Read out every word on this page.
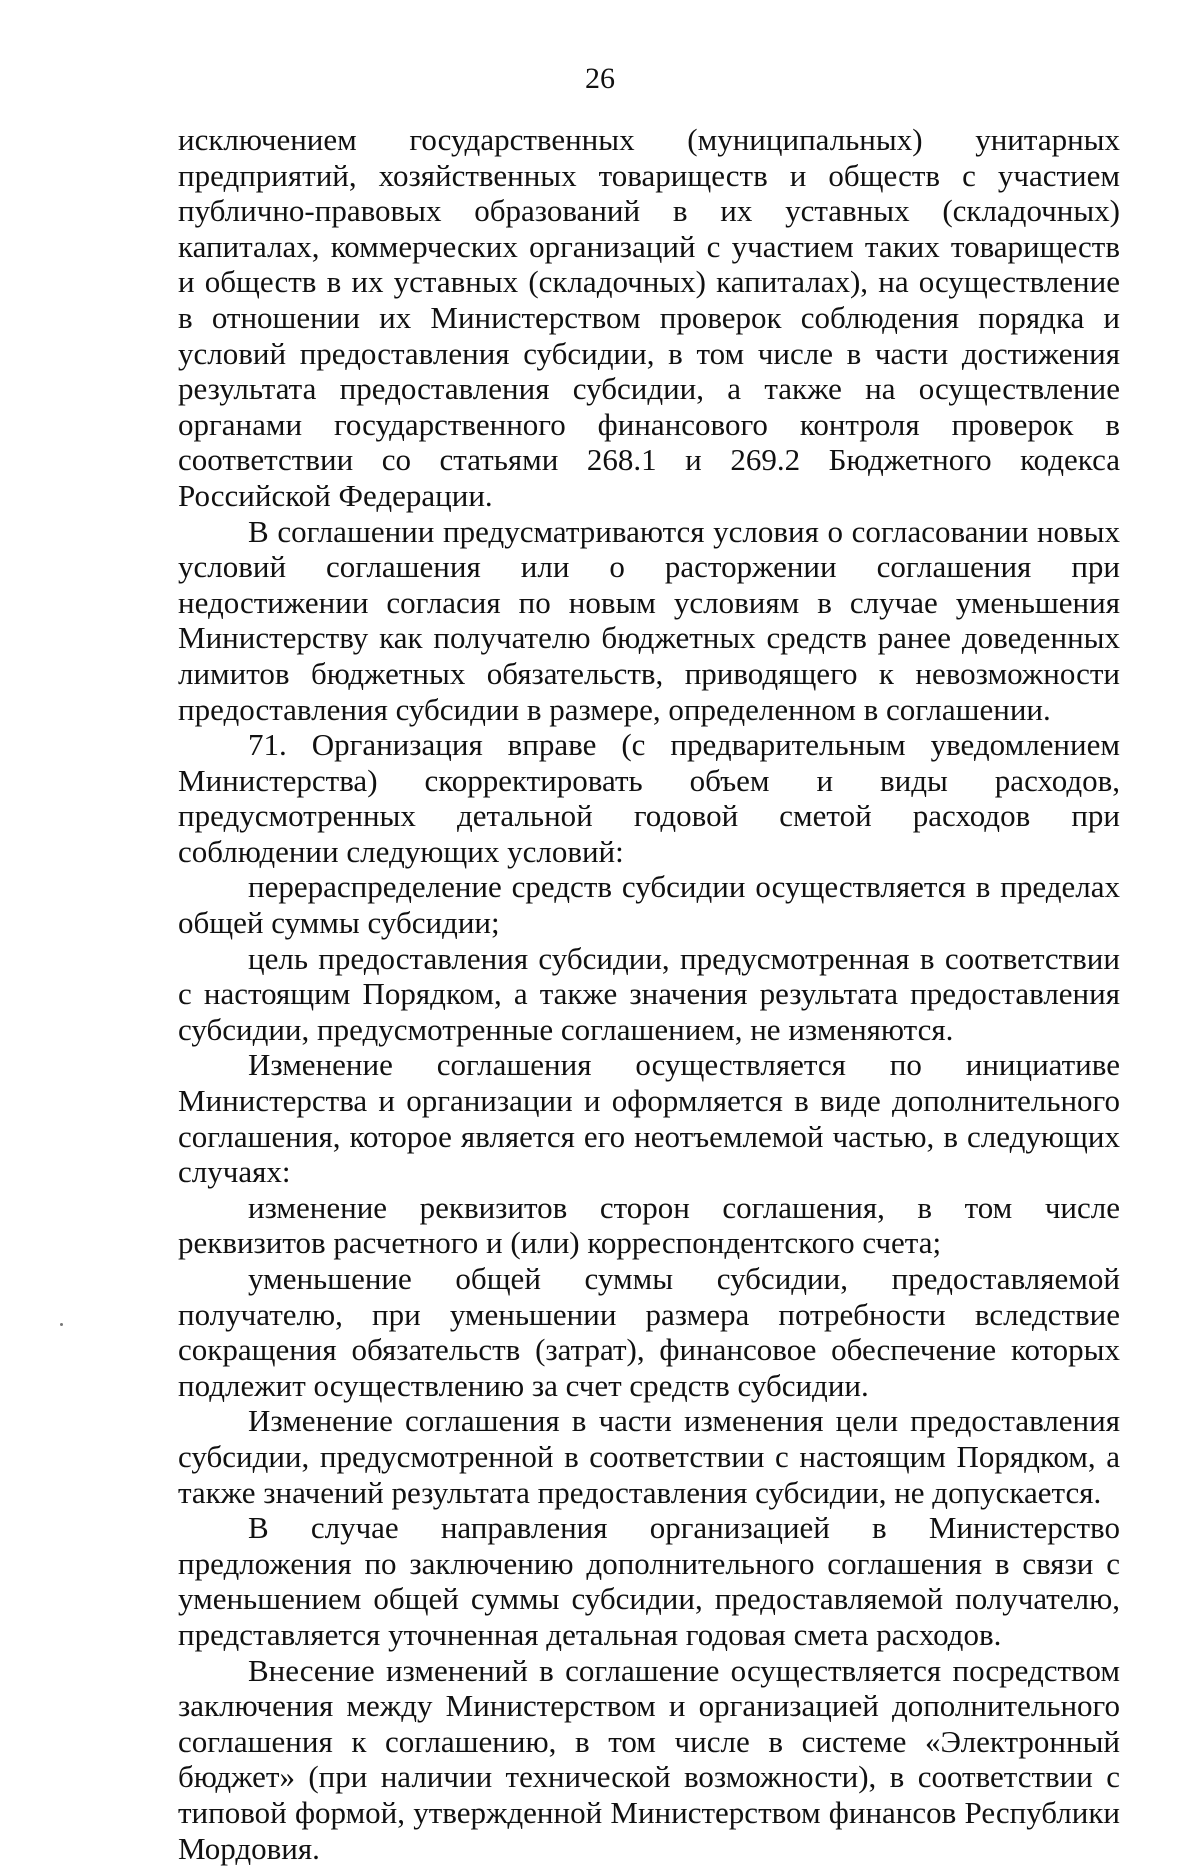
26

исключением государственных (муниципальных) унитарных предприятий, хозяйственных товариществ и обществ с участием публично-правовых образований в их уставных (складочных) капиталах, коммерческих организаций с участием таких товариществ и обществ в их уставных (складочных) капиталах), на осуществление в отношении их Министерством проверок соблюдения порядка и условий предоставления субсидии, в том числе в части достижения результата предоставления субсидии, а также на осуществление органами государственного финансового контроля проверок в соответствии со статьями 268.1 и 269.2 Бюджетного кодекса Российской Федерации.

В соглашении предусматриваются условия о согласовании новых условий соглашения или о расторжении соглашения при недостижении согласия по новым условиям в случае уменьшения Министерству как получателю бюджетных средств ранее доведенных лимитов бюджетных обязательств, приводящего к невозможности предоставления субсидии в размере, определенном в соглашении.

71. Организация вправе (с предварительным уведомлением Министерства) скорректировать объем и виды расходов, предусмотренных детальной годовой сметой расходов при соблюдении следующих условий:

перераспределение средств субсидии осуществляется в пределах общей суммы субсидии;

цель предоставления субсидии, предусмотренная в соответствии с настоящим Порядком, а также значения результата предоставления субсидии, предусмотренные соглашением, не изменяются.

Изменение соглашения осуществляется по инициативе Министерства и организации и оформляется в виде дополнительного соглашения, которое является его неотъемлемой частью, в следующих случаях:

изменение реквизитов сторон соглашения, в том числе реквизитов расчетного и (или) корреспондентского счета;

уменьшение общей суммы субсидии, предоставляемой получателю, при уменьшении размера потребности вследствие сокращения обязательств (затрат), финансовое обеспечение которых подлежит осуществлению за счет средств субсидии.

Изменение соглашения в части изменения цели предоставления субсидии, предусмотренной в соответствии с настоящим Порядком, а также значений результата предоставления субсидии, не допускается.

В случае направления организацией в Министерство предложения по заключению дополнительного соглашения в связи с уменьшением общей суммы субсидии, предоставляемой получателю, представляется уточненная детальная годовая смета расходов.

Внесение изменений в соглашение осуществляется посредством заключения между Министерством и организацией дополнительного соглашения к соглашению, в том числе в системе «Электронный бюджет» (при наличии технической возможности), в соответствии с типовой формой, утвержденной Министерством финансов Республики Мордовия.
